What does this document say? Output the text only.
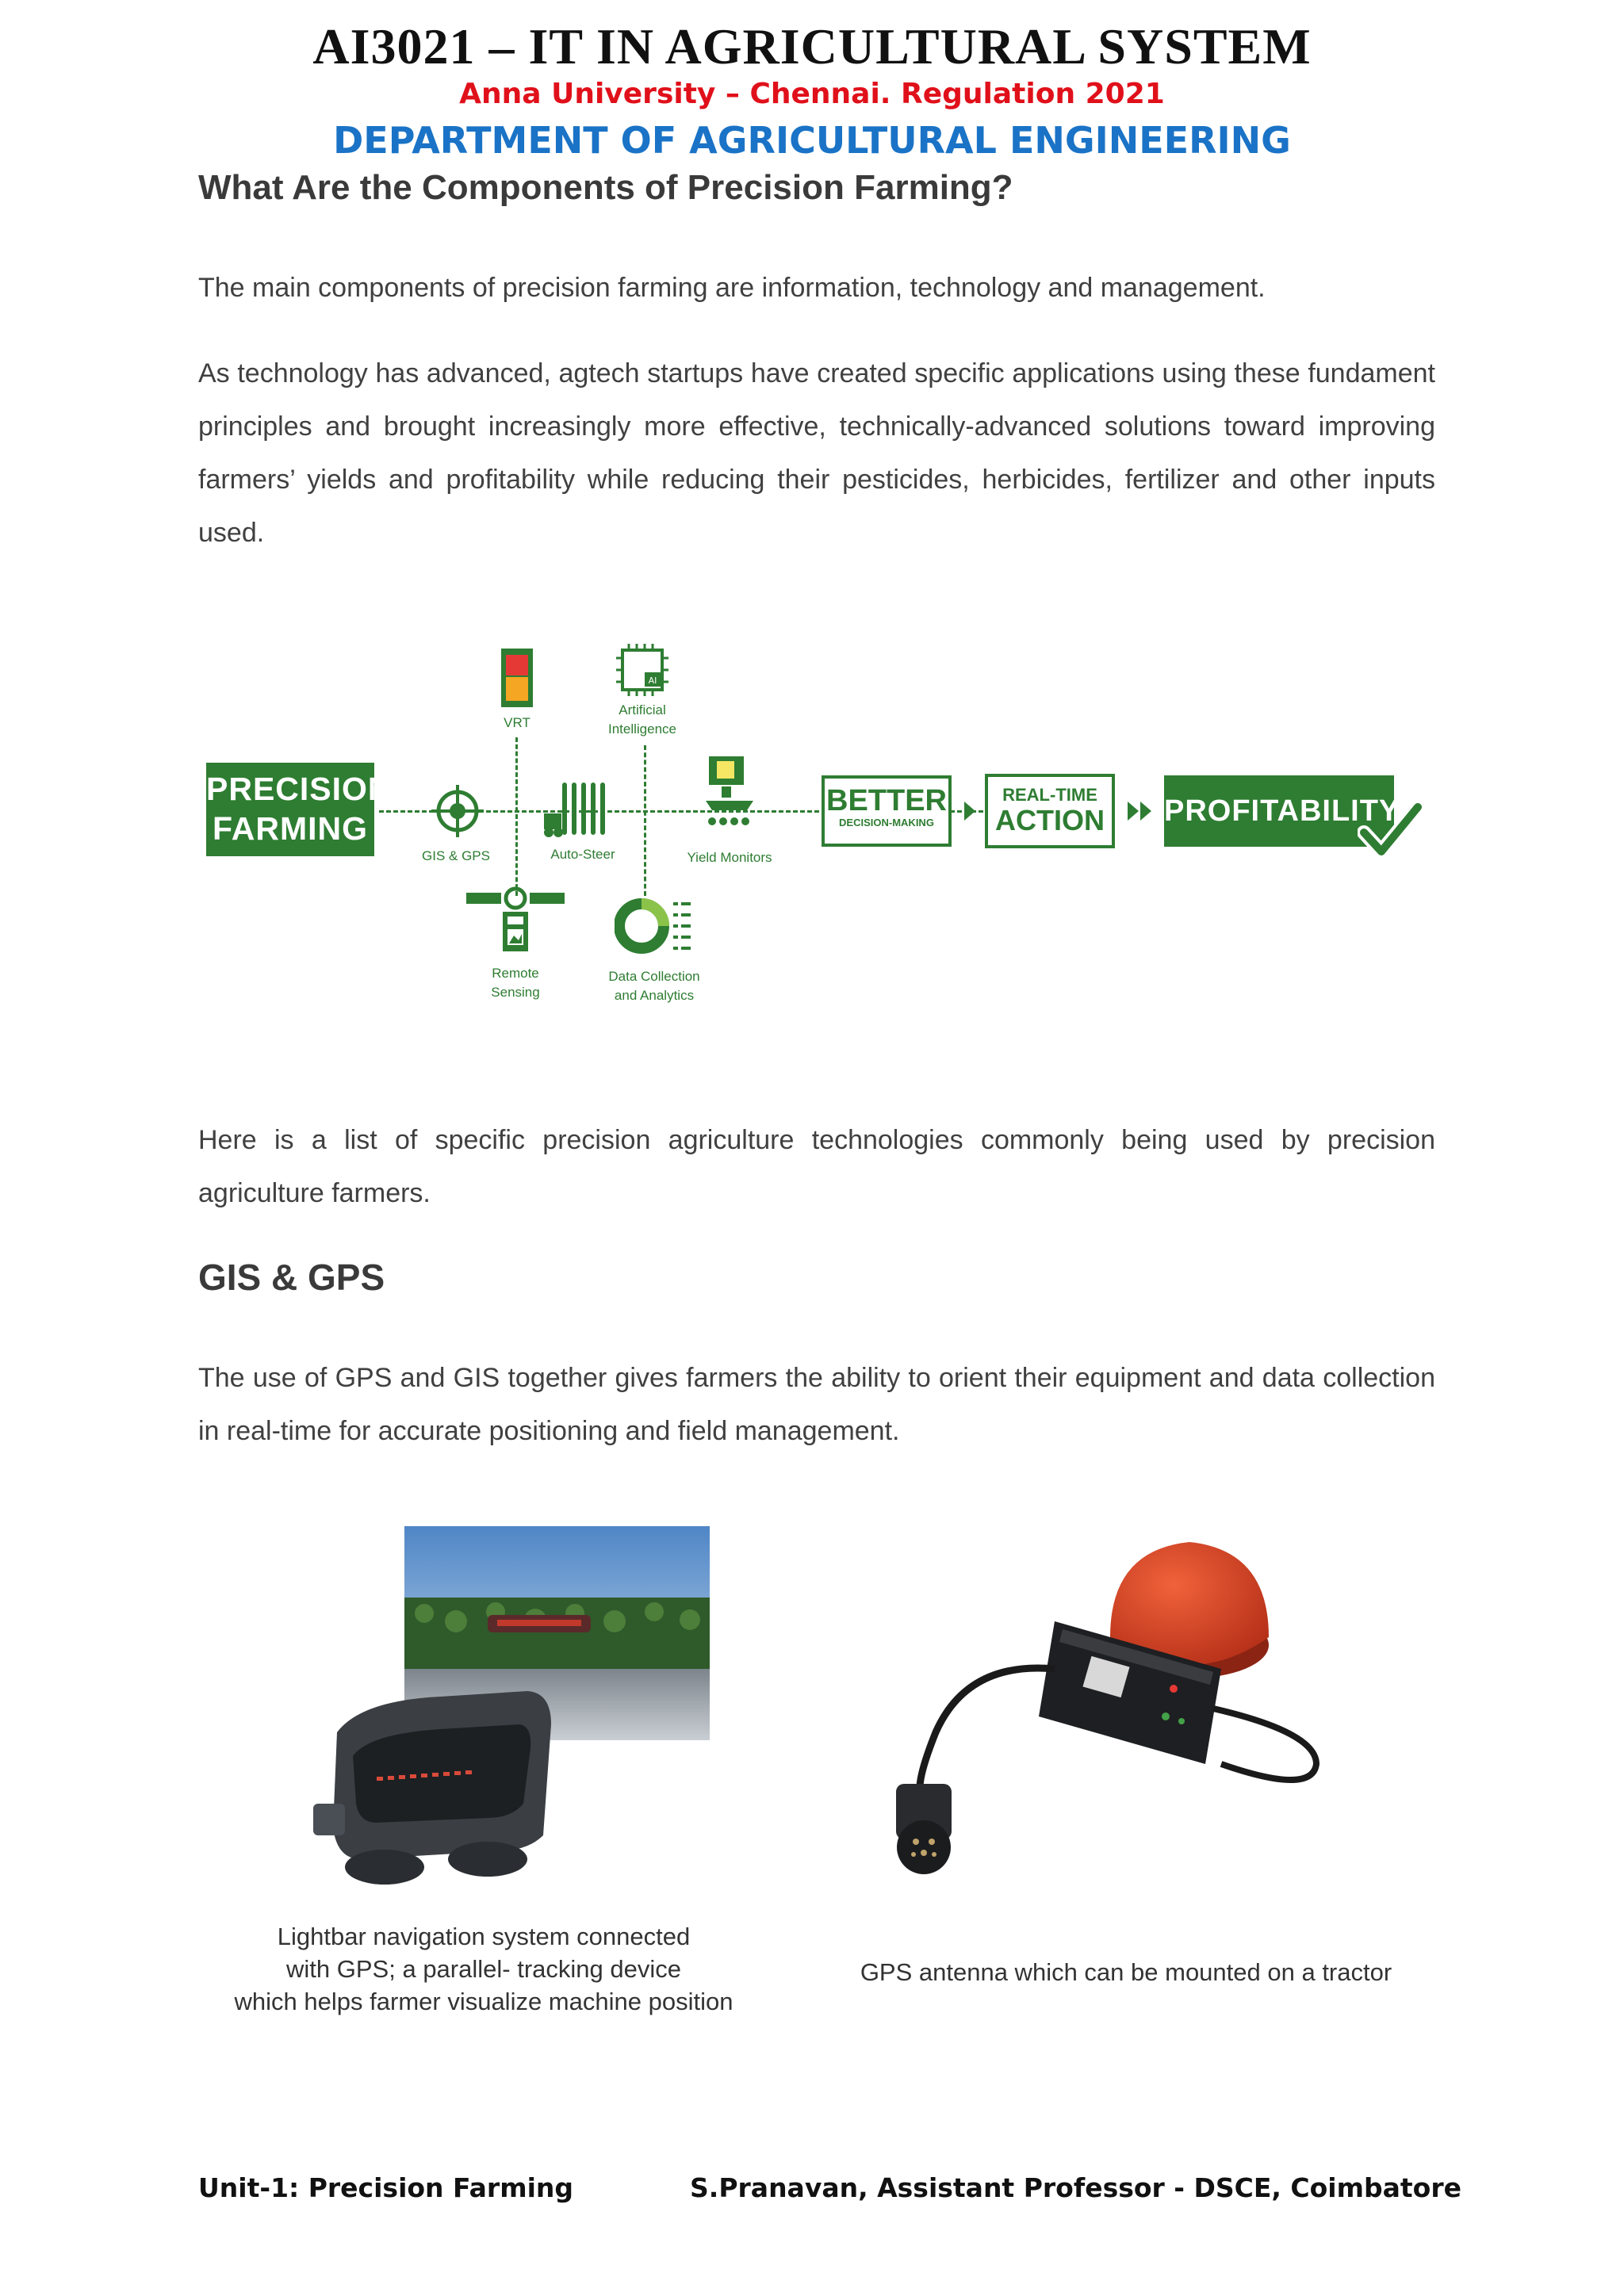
AI3021 – IT IN AGRICULTURAL SYSTEM
Anna University – Chennai. Regulation 2021
DEPARTMENT OF AGRICULTURAL ENGINEERING
What Are the Components of Precision Farming?
The main components of precision farming are information, technology and management.
As technology has advanced, agtech startups have created specific applications using these fundament principles and brought increasingly more effective, technically-advanced solutions toward improving farmers’ yields and profitability while reducing their pesticides, herbicides, fertilizer and other inputs used.
PRECISION
FARMING
VRT
AI
Artificial
Intelligence
GIS & GPS	Auto-Steer	Yield Monitors
Remote
Sensing
Data Collection
and Analytics
BETTER
DECISION-MAKING
REAL-TIME
ACTION PROFITABILITY
Here is a list of specific precision agriculture technologies commonly being used by precision agriculture farmers.
GIS & GPS
The use of GPS and GIS together gives farmers the ability to orient their equipment and data collection in real-time for accurate positioning and field management.
Lightbar navigation system connected
with GPS; a parallel- tracking device
which helps farmer visualize machine position
GPS antenna which can be mounted on a tractor
Unit-1: Precision Farming	S.Pranavan, Assistant Professor - DSCE, Coimbatore
